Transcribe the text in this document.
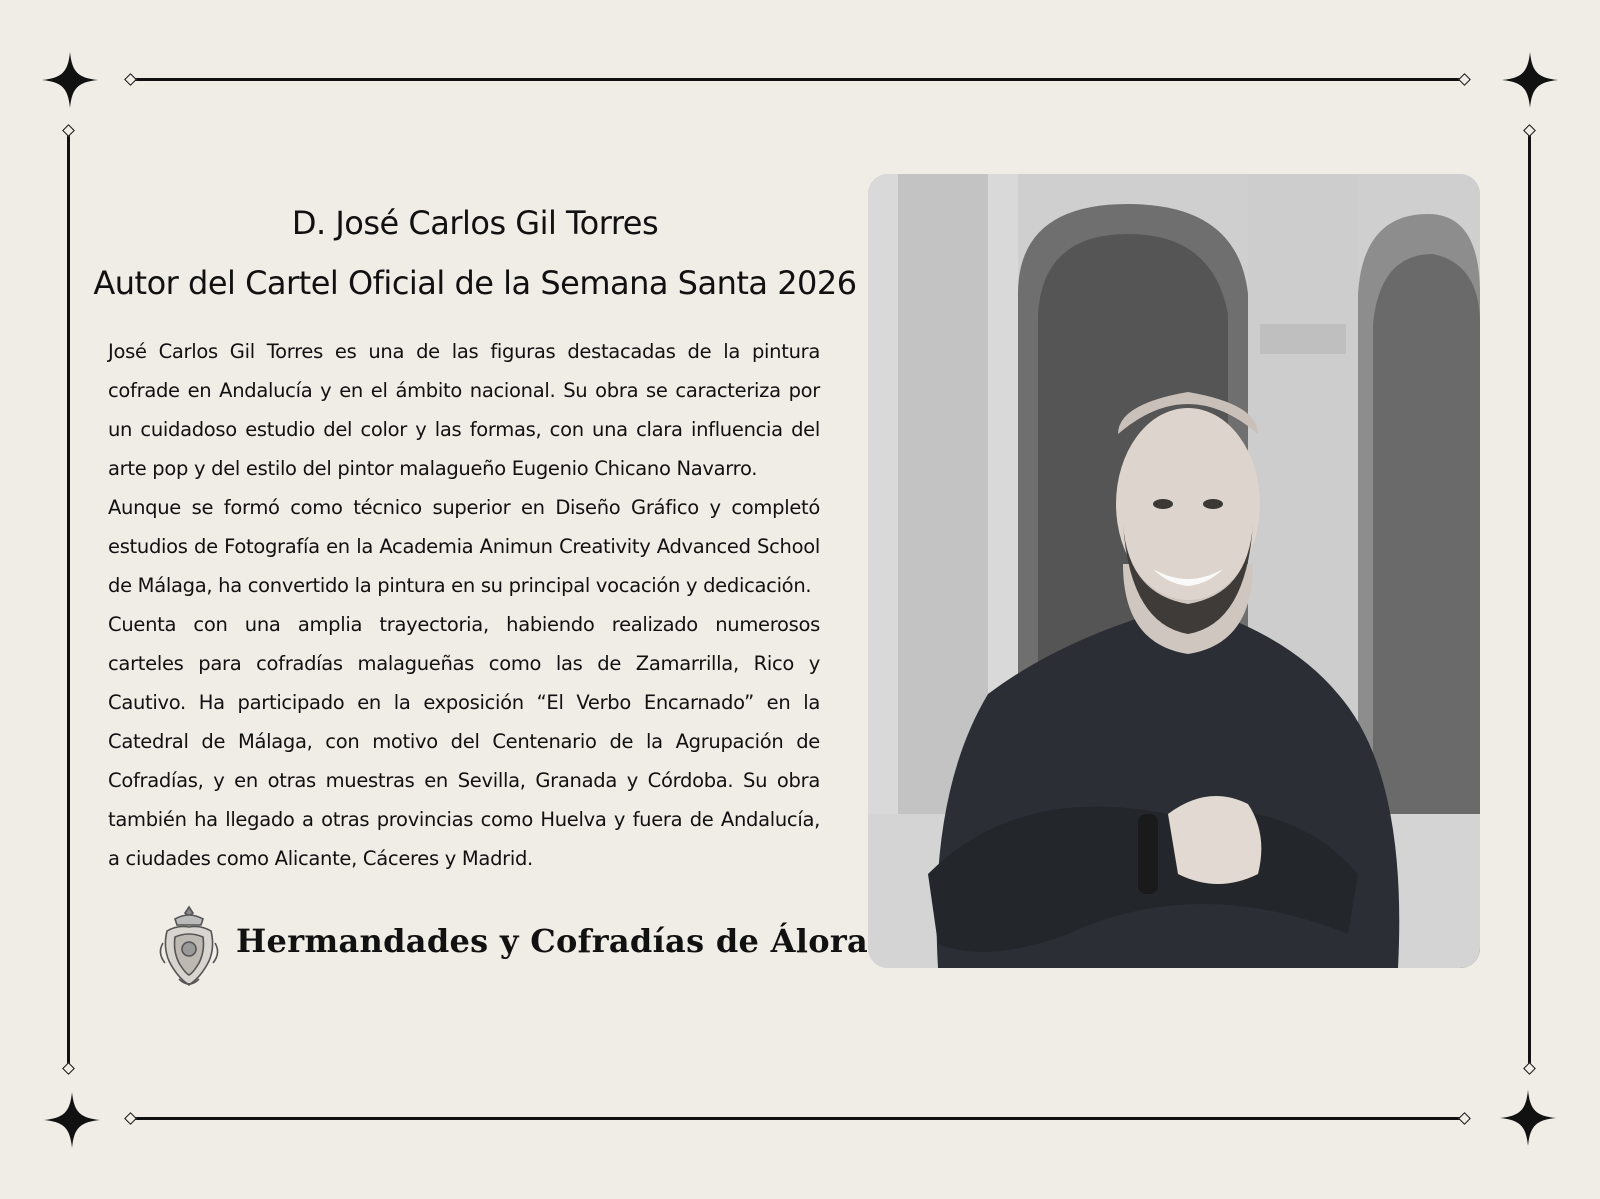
D. José Carlos Gil Torres
Autor del Cartel Oficial de la Semana Santa 2026

José Carlos Gil Torres es una de las figuras destacadas de la pintura cofrade en Andalucía y en el ámbito nacional. Su obra se caracteriza por un cuidadoso estudio del color y las formas, con una clara influencia del arte pop y del estilo del pintor malagueño Eugenio Chicano Navarro.

Aunque se formó como técnico superior en Diseño Gráfico y completó estudios de Fotografía en la Academia Animun Creativity Advanced School de Málaga, ha convertido la pintura en su principal vocación y dedicación.

Cuenta con una amplia trayectoria, habiendo realizado numerosos carteles para cofradías malagueñas como las de Zamarrilla, Rico y Cautivo. Ha participado en la exposición “El Verbo Encarnado” en la Catedral de Málaga, con motivo del Centenario de la Agrupación de Cofradías, y en otras muestras en Sevilla, Granada y Córdoba. Su obra también ha llegado a otras provincias como Huelva y fuera de Andalucía, a ciudades como Alicante, Cáceres y Madrid.

Hermandades y Cofradías de Álora
